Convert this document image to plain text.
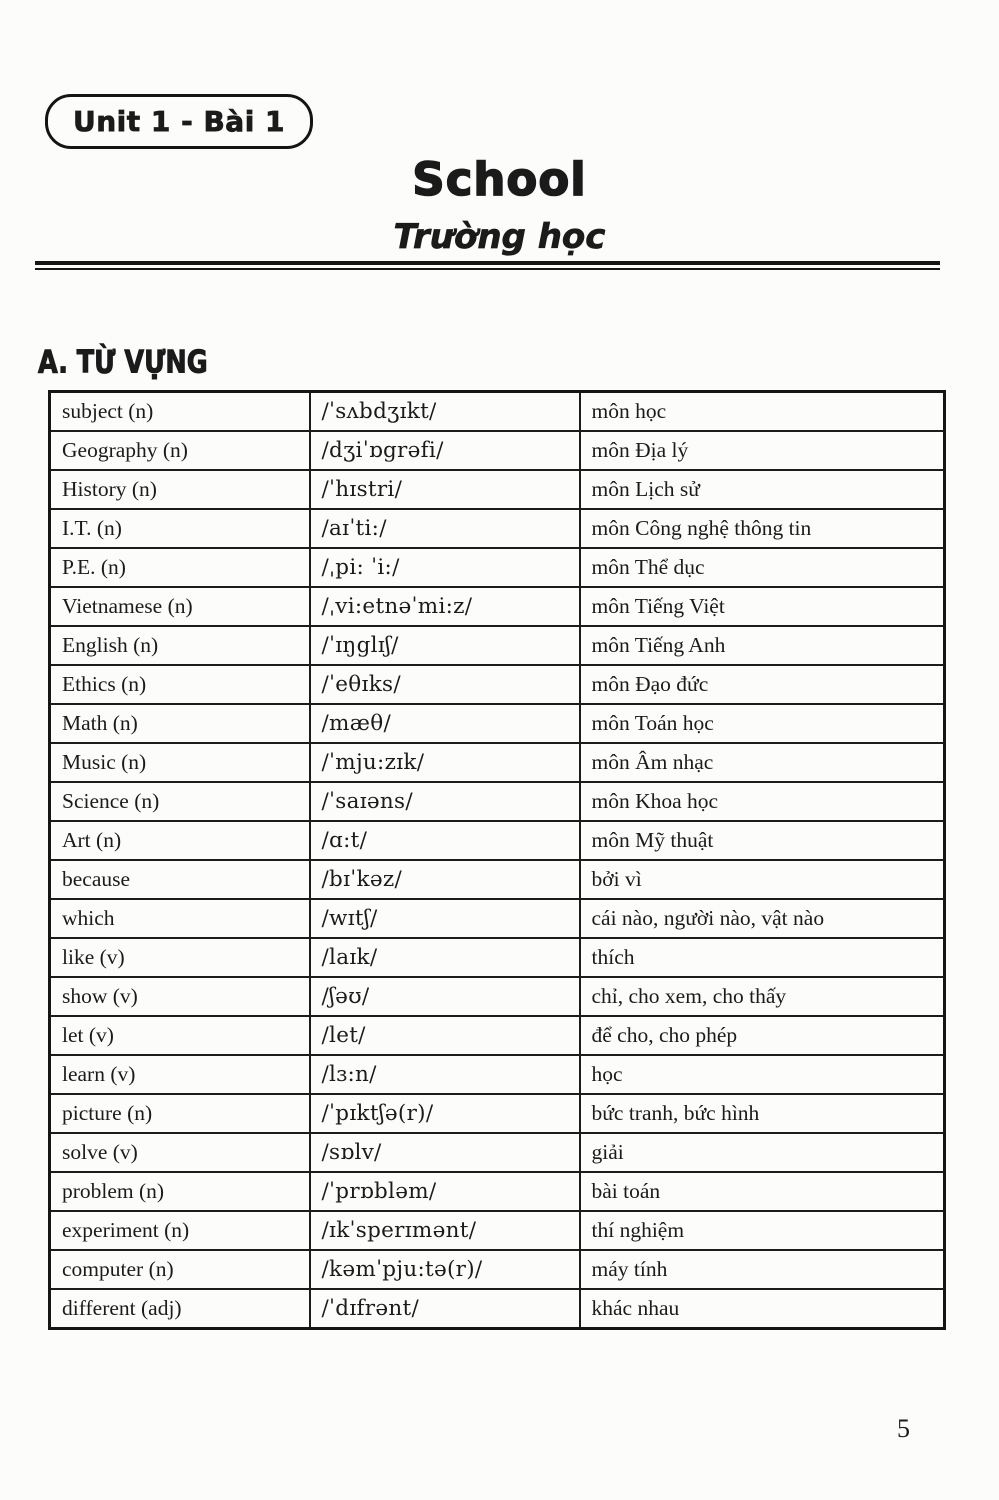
Unit 1 - Bài 1
School
Trường học
A. TỪ VỰNG
subject (n)	/ˈsʌbdʒɪkt/	môn học
Geography (n)	/dʒiˈɒgrəfi/	môn Địa lý
History (n)	/ˈhɪstri/	môn Lịch sử
I.T. (n)	/aɪˈti:/	môn Công nghệ thông tin
P.E. (n)	/ˌpi: ˈi:/	môn Thể dục
Vietnamese (n)	/ˌvi:etnəˈmi:z/	môn Tiếng Việt
English (n)	/ˈɪŋglɪʃ/	môn Tiếng Anh
Ethics (n)	/ˈeθɪks/	môn Đạo đức
Math (n)	/mæθ/	môn Toán học
Music (n)	/ˈmju:zɪk/	môn Âm nhạc
Science (n)	/ˈsaɪəns/	môn Khoa học
Art (n)	/ɑ:t/	môn Mỹ thuật
because	/bɪˈkəz/	bởi vì
which	/wɪtʃ/	cái nào, người nào, vật nào
like (v)	/laɪk/	thích
show (v)	/ʃəʊ/	chỉ, cho xem, cho thấy
let (v)	/let/	để cho, cho phép
learn (v)	/lɜ:n/	học
picture (n)	/ˈpɪktʃə(r)/	bức tranh, bức hình
solve (v)	/sɒlv/	giải
problem (n)	/ˈprɒbləm/	bài toán
experiment (n)	/ɪkˈsperɪmənt/	thí nghiệm
computer (n)	/kəmˈpju:tə(r)/	máy tính
different (adj)	/ˈdɪfrənt/	khác nhau
5
